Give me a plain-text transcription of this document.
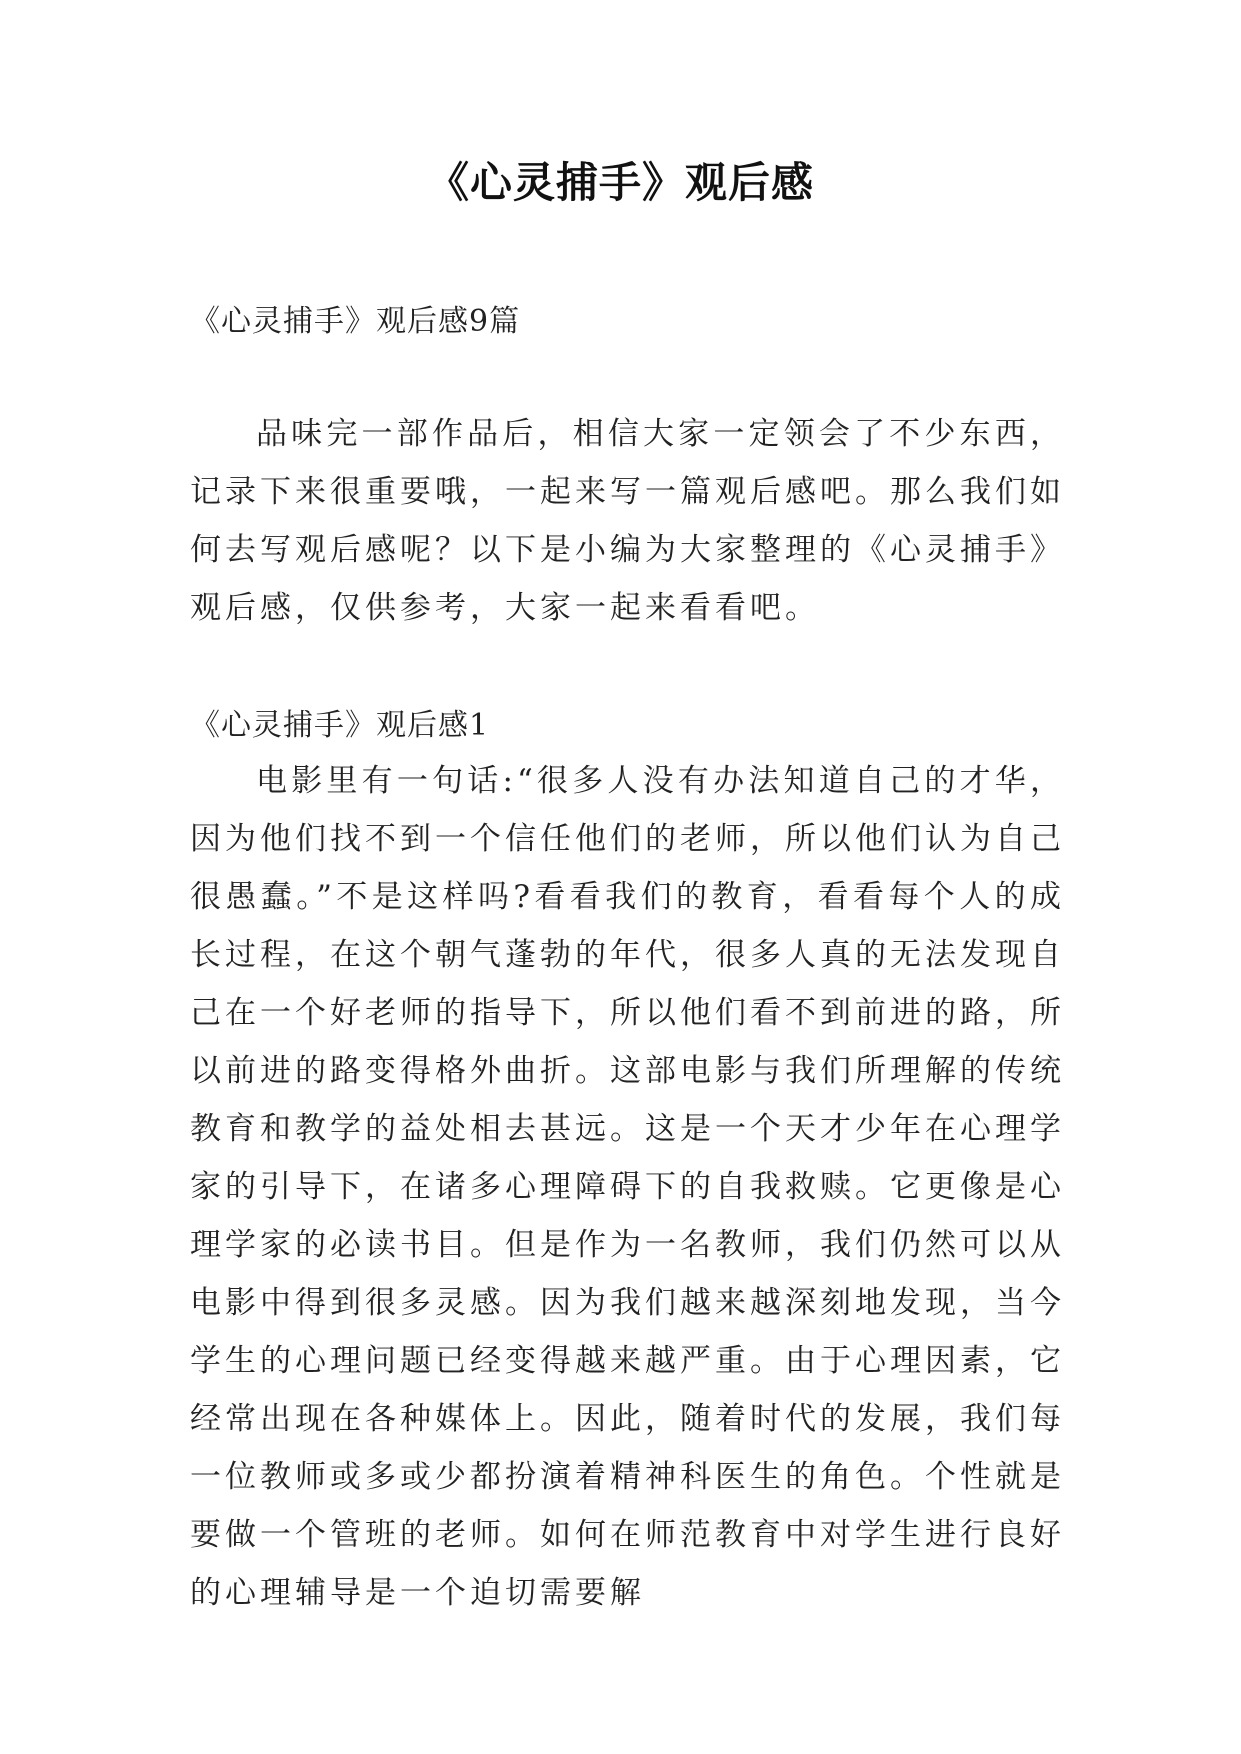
《心灵捕手》观后感
《心灵捕手》观后感9篇
品味完一部作品后，相信大家一定领会了不少东西，记录下来很重要哦，一起来写一篇观后感吧。那么我们如何去写观后感呢？以下是小编为大家整理的《心灵捕手》观后感，仅供参考，大家一起来看看吧。
《心灵捕手》观后感1
电影里有一句话:“很多人没有办法知道自己的才华，因为他们找不到一个信任他们的老师，所以他们认为自己很愚蠢。”不是这样吗?看看我们的教育，看看每个人的成长过程，在这个朝气蓬勃的年代，很多人真的无法发现自己在一个好老师的指导下，所以他们看不到前进的路，所以前进的路变得格外曲折。这部电影与我们所理解的传统教育和教学的益处相去甚远。这是一个天才少年在心理学家的引导下，在诸多心理障碍下的自我救赎。它更像是心理学家的必读书目。但是作为一名教师，我们仍然可以从电影中得到很多灵感。因为我们越来越深刻地发现，当今学生的心理问题已经变得越来越严重。由于心理因素，它经常出现在各种媒体上。因此，随着时代的发展，我们每一位教师或多或少都扮演着精神科医生的角色。个性就是要做一个管班的老师。如何在师范教育中对学生进行良好的心理辅导是一个迫切需要解
